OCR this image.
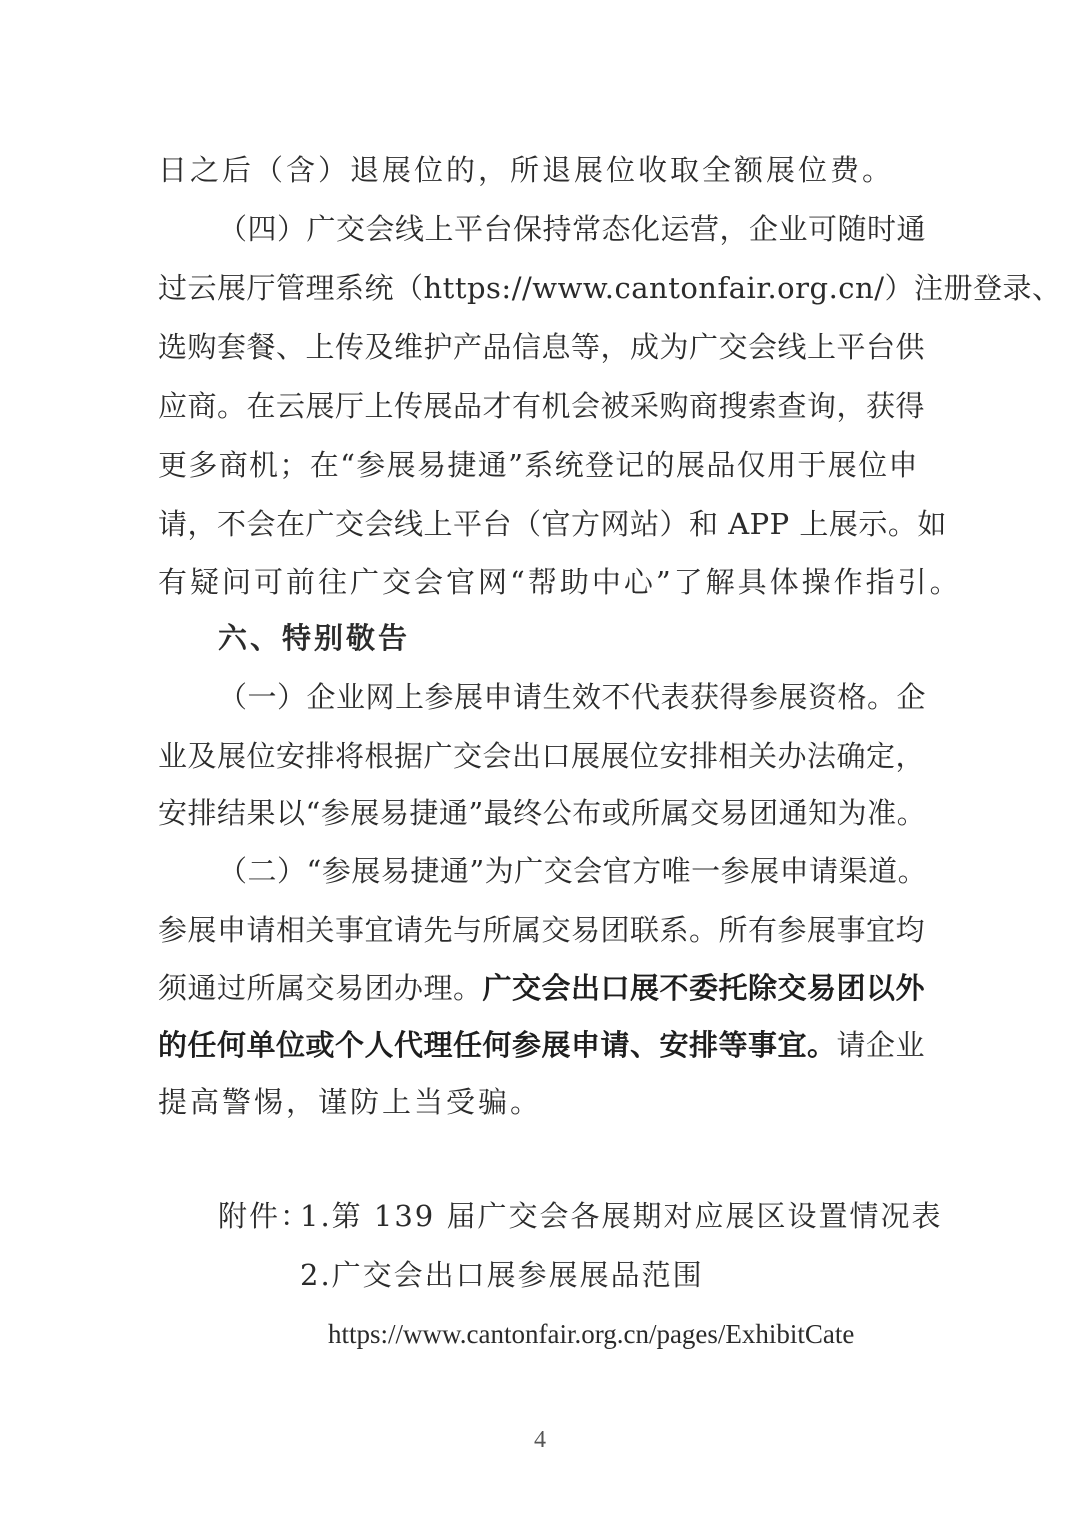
日之后（含）退展位的，所退展位收取全额展位费。
（四）广交会线上平台保持常态化运营，企业可随时通
过云展厅管理系统（https://www.cantonfair.org.cn/）注册登录、
选购套餐、上传及维护产品信息等，成为广交会线上平台供
应商。在云展厅上传展品才有机会被采购商搜索查询，获得
更多商机；在“参展易捷通”系统登记的展品仅用于展位申
请，不会在广交会线上平台（官方网站）和 APP 上展示。如
有疑问可前往广交会官网“帮助中心”了解具体操作指引。
六、特别敬告
（一）企业网上参展申请生效不代表获得参展资格。企
业及展位安排将根据广交会出口展展位安排相关办法确定，
安排结果以“参展易捷通”最终公布或所属交易团通知为准。
（二）“参展易捷通”为广交会官方唯一参展申请渠道。
参展申请相关事宜请先与所属交易团联系。所有参展事宜均
须通过所属交易团办理。广交会出口展不委托除交易团以外
的任何单位或个人代理任何参展申请、安排等事宜。请企业
提高警惕，谨防上当受骗。
附件：
1.第 139 届广交会各展期对应展区设置情况表
2.广交会出口展参展展品范围
https://www.cantonfair.org.cn/pages/ExhibitCate
4
